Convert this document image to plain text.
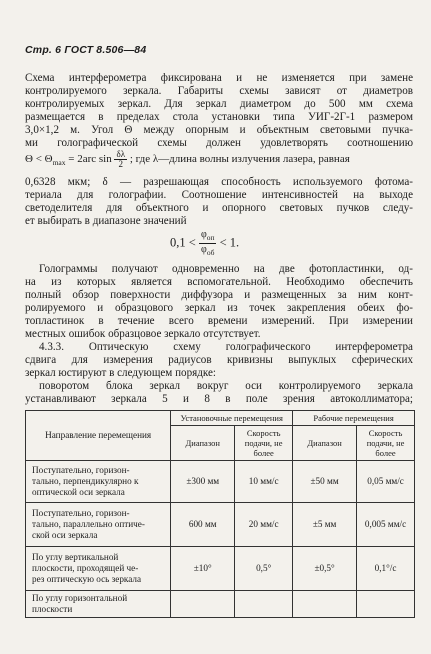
Стр. 6 ГОСТ 8.506—84
Схема интерферометра фиксирована и не изменяется при замене
контролируемого зеркала. Габариты схемы зависят от диаметров
контролируемых зеркал. Для зеркал диаметром до 500 мм схема
размещается в пределах стола установки типа УИГ-2Г-1 размером
3,0×1,2 м. Угол Θ между опорным и объектным световыми пучка-
ми голографической схемы должен удовлетворять соотношению
$\Theta < \Theta_{max} = 2arc$ $\sin \frac{\delta\lambda}{2}$ ; где λ—длина волны излучения лазера, равная
0,6328 мкм; δ — разрешающая способность используемого фотома-
териала для голографии. Соотношение интенсивностей на выходе
светоделителя для объектного и опорного световых пучков следу-
ет выбирать в диапазоне значений
$0,1 < \frac{\varphi_{оп}}{\varphi_{об}} < 1$.
Голограммы получают одновременно на две фотопластинки, од-
на из которых является вспомогательной. Необходимо обеспечить
полный обзор поверхности диффузора и размещенных за ним конт-
ролируемого и образцового зеркал из точек закрепления обеих фо-
топластинок в течение всего времени измерений. При измерении
местных ошибок образцовое зеркало отсутствует.
4.3.3. Оптическую схему голографического интерферометра
сдвига для измерения радиусов кривизны выпуклых сферических
зеркал юстируют в следующем порядке:
поворотом блока зеркал вокруг оси контролируемого зеркала
устанавливают зеркала 5 и 8 в поле зрения автоколлиматора;
Направление перемещения	Установочные перемещения		Рабочие перемещения	
	Диапазон	Скорость подачи, не более	Диапазон	Скорость подачи, не более

Поступательно, горизон-
тально, перпендикулярно к
оптической оси зеркала	±300 мм	10 мм/с	±50 мм	0,05 мм/с

Поступательно, горизон-
тально, параллельно оптиче-
ской оси зеркала	600 мм	20 мм/с	±5 мм	0,005 мм/с

По углу вертикальной
плоскости, проходящей че-
рез оптическую ось зеркала	±10°	0,5°	±0,5°	0,1°/с

По углу горизонтальной
плоскости				
